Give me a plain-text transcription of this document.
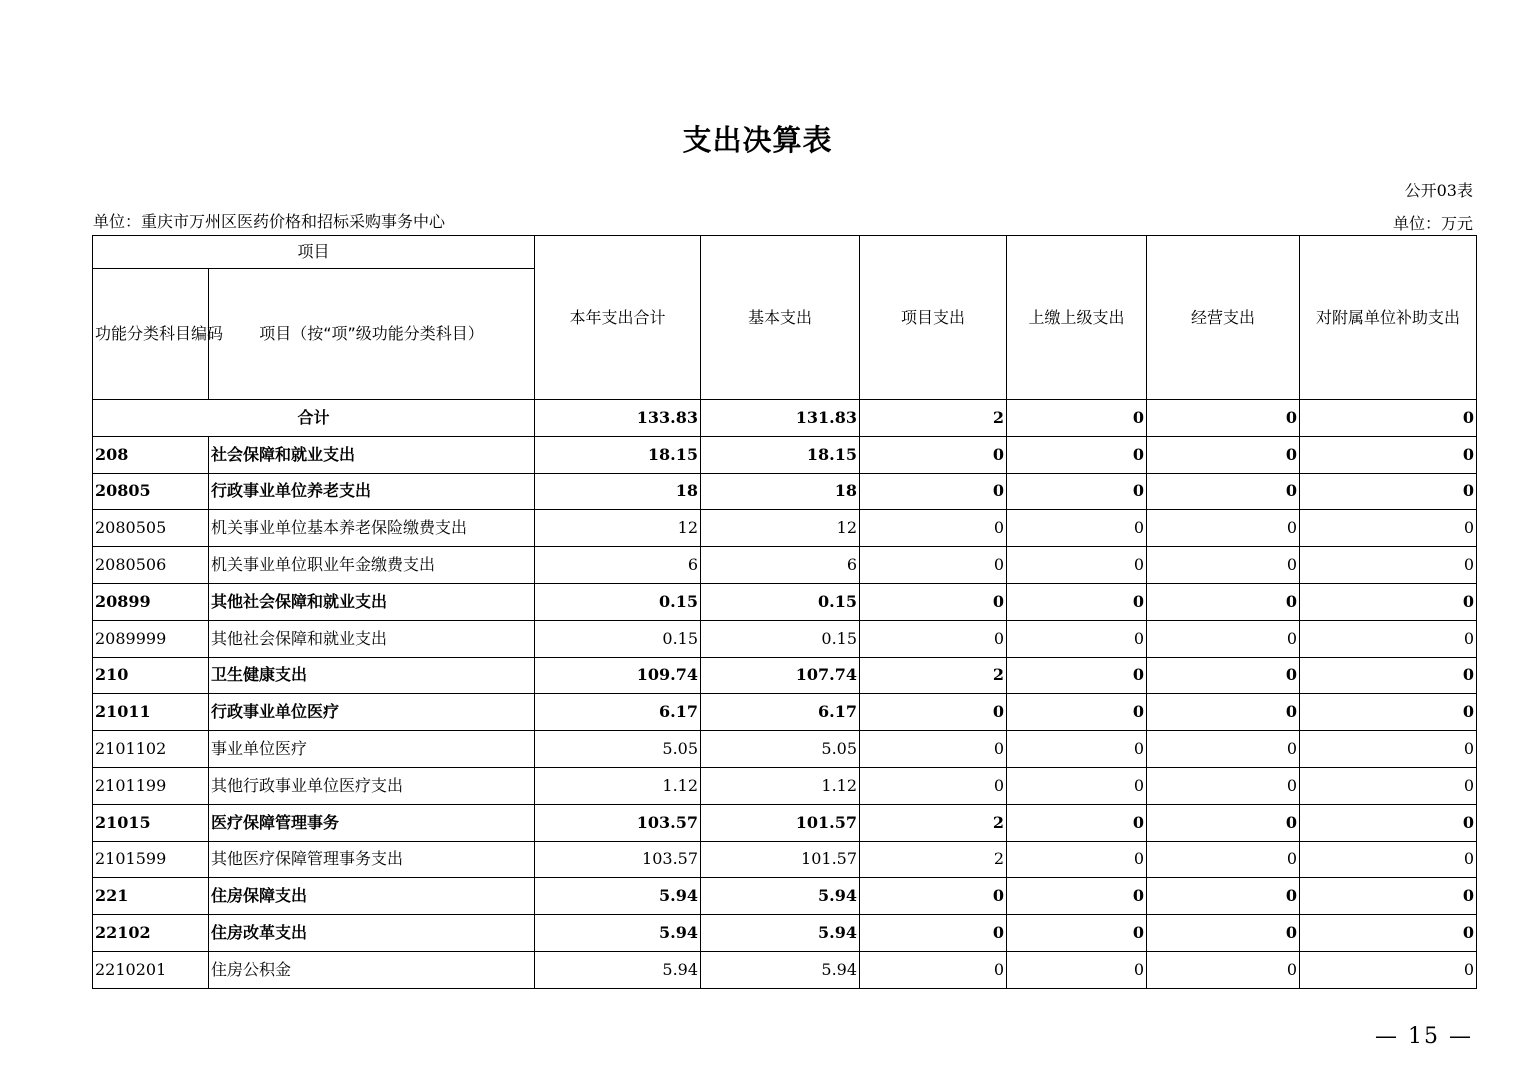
支出决算表
公开03表
单位：重庆市万州区医药价格和招标采购事务中心	单位：万元
项目		本年支出合计	基本支出	项目支出	上缴上级支出	经营支出	对附属单位补助支出
功能分类科目编码	项目（按“项”级功能分类科目）						
合计		133.83	131.83	2	0	0	0
208	社会保障和就业支出	18.15	18.15	0	0	0	0
20805	行政事业单位养老支出	18	18	0	0	0	0
2080505	机关事业单位基本养老保险缴费支出	12	12	0	0	0	0
2080506	机关事业单位职业年金缴费支出	6	6	0	0	0	0
20899	其他社会保障和就业支出	0.15	0.15	0	0	0	0
2089999	其他社会保障和就业支出	0.15	0.15	0	0	0	0
210	卫生健康支出	109.74	107.74	2	0	0	0
21011	行政事业单位医疗	6.17	6.17	0	0	0	0
2101102	事业单位医疗	5.05	5.05	0	0	0	0
2101199	其他行政事业单位医疗支出	1.12	1.12	0	0	0	0
21015	医疗保障管理事务	103.57	101.57	2	0	0	0
2101599	其他医疗保障管理事务支出	103.57	101.57	2	0	0	0
221	住房保障支出	5.94	5.94	0	0	0	0
22102	住房改革支出	5.94	5.94	0	0	0	0
2210201	住房公积金	5.94	5.94	0	0	0	0
— 15 —
